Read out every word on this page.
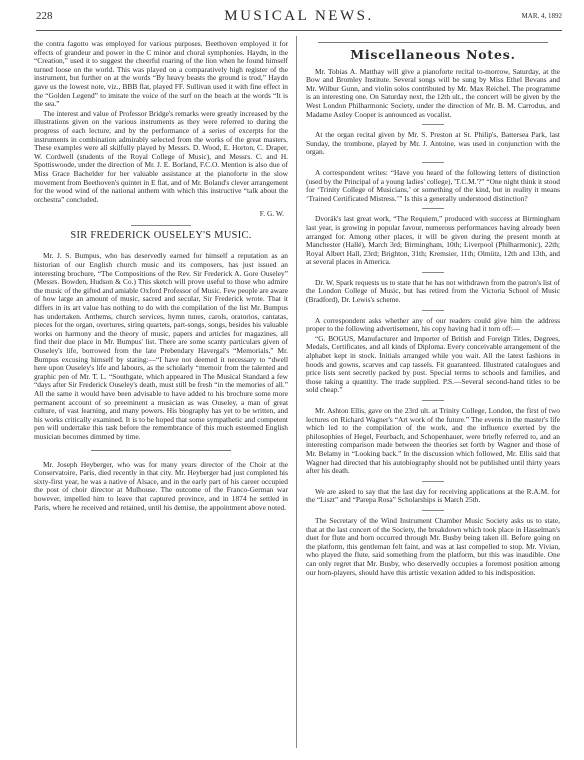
228	MUSICAL NEWS.	MAR. 4, 1892

the contra fagotto was employed for various purposes. Beethoven employed it for effects of grandeur and power in the C minor and choral symphonies. Haydn, in the “Creation,” used it to suggest the cheerful roaring of the lion when he found himself turned loose on the world. This was played on a comparatively high register of the instrument, but further on at the words “By heavy beasts the ground is trod,” Haydn gave us the lowest note, viz., BBB flat, played FF. Sullivan used it with fine effect in the “Golden Legend” to imitate the voice of the surf on the beach at the words “It is the sea.”

The interest and value of Professor Bridge's remarks were greatly increased by the illustrations given on the various instruments as they were referred to during the progress of each lecture, and by the performance of a series of excerpts for the instruments in combination admirably selected from the works of the great masters. These examples were all skilfully played by Messrs. D. Wood, E. Horton, C. Draper, W. Cordwell (students of the Royal College of Music), and Messrs. C. and H. Spottiswoode, under the direction of Mr. J. E. Borland, F.C.O. Mention is also due of Miss Grace Bachelder for her valuable assistance at the pianoforte in the slow movement from Beethoven's quintet in E flat, and of Mr. Boland's clever arrangement for the wood wind of the national anthem with which this instructive “talk about the orchestra” concluded.

F. G. W.
SIR FREDERICK OUSELEY'S MUSIC.

Mr. J. S. Bumpus, who has deservedly earned for himself a reputation as an historian of our English church music and its composers, has just issued an interesting brochure, “The Compositions of the Rev. Sir Frederick A. Gore Ouseley” (Messrs. Bowden, Hudson & Co.) This sketch will prove useful to those who admire the music of the gifted and amiable Oxford Professor of Music. Few people are aware of how large an amount of music, sacred and secular, Sir Frederick wrote. That it differs in its art value has nothing to do with the compilation of the list Mr. Bumpus has undertaken. Anthems, church services, hymn tunes, carols, oratorios, cantatas, pieces for the organ, overtures, string quartets, part-songs, songs, besides his valuable works on harmony and the theory of music, papers and articles for magazines, all find their due place in Mr. Bumpus' list. There are some scanty particulars given of Ouseley's life, borrowed from the late Prebendary Havergal's “Memorials,” Mr. Bumpus excusing himself by stating:—“I have not deemed it necessary to “dwell here upon Ouseley's life and labours, as the scholarly “memoir from the talented and graphic pen of Mr. T. L. “Southgate, which appeared in The Musical Standard a few “days after Sir Frederick Ouseley's death, must still be fresh “in the memories of all.” All the same it would have been advisable to have added to his brochure some more permanent account of so preeminent a musician as was Ouseley, a man of great culture, of vast learning, and many powers. His biography has yet to be written, and his works critically examined. It is to be hoped that some sympathetic and competent pen will undertake this task before the remembrance of this much esteemed English musician becomes dimmed by time.

Mr. Joseph Heyberger, who was for many years director of the Choir at the Conservatoire, Paris, died recently in that city. Mr. Heyberger had just completed his sixty-first year, he was a native of Alsace, and in the early part of his career occupied the post of choir director at Mulhouse. The outcome of the Franco-German war however, impelled him to leave that captured province, and in 1874 he settled in Paris, where he received and retained, until his demise, the appointment above noted.

Miscellaneous Notes.

Mr. Tobias A. Matthay will give a pianoforte recital to-morrow, Saturday, at the Bow and Bromley Institute. Several songs will be sung by Miss Ethel Bevans and Mr. Wilbur Gunn, and violin solos contributed by Mr. Max Reichel. The programme is an interesting one. On Saturday next, the 12th ult., the concert will be given by the West London Philharmonic Society, under the direction of Mr. B. M. Carrodus, and Madame Astley Cooper is announced as vocalist.

At the organ recital given by Mr. S. Preston at St. Philip's, Battersea Park, last Sunday, the trombone, played by Mr. J. Antoine, was used in conjunction with the organ.

A correspondent writes: “Have you heard of the following letters of distinction (used by the Principal of a young ladies' college), 'T.C.M.'?” “One night think it stood for ‘Trinity College of Musicians,’ or something of the kind, but in reality it means ‘Trained Certificated Mistress.’” Is this a generally understood distinction?

Dvorák's last great work, “The Requiem,” produced with success at Birmingham last year, is growing in popular favour, numerous performances having already been arranged for. Among other places, it will be given during the present month at Manchester (Hallé), March 3rd; Birmingham, 10th; Liverpool (Philharmonic), 22th; Royal Albert Hall, 23rd; Brighton, 31th; Kremsier, 11th; Olmütz, 12th and 13th, and at several places in America.

Dr. W. Spark requests us to state that he has not withdrawn from the patron's list of the London College of Music, but has retired from the Victoria School of Music (Bradford), Dr. Lewis's scheme.

A correspondent asks whether any of our readers could give him the address proper to the following advertisement, his copy having had it torn off:—

“G. BOGUS, Manufacturer and Importer of British and Foreign Titles, Degrees, Medals, Certificates, and all kinds of Diploma. Every conceivable arrangement of the alphabet kept in stock. Initials arranged while you wait. All the latest fashions in hoods and gowns, scarves and cap tassels. Fit guaranteed. Illustrated catalogues and price lists sent secretly packed by post. Special terms to schools and families, and those taking a quantity. The trade supplied. P.S.—Several second-hand titles to be sold cheap.”

Mr. Ashton Ellis, gave on the 23rd ult. at Trinity College, London, the first of two lectures on Richard Wagner's “Art work of the future.” The events in the master's life which led to the compilation of the work, and the influence exerted by the philosophies of Hegel, Feurbach, and Schopenhauer, were briefly referred to, and an interesting comparison made between the theories set forth by Wagner and those of Mr. Belamy in “Looking back.” In the discussion which followed, Mr. Ellis said that Wagner had directed that his autobiography should not be published until thirty years after his death.

We are asked to say that the last day for receiving applications at the R.A.M. for the “Liszt” and “Parepa Rosa” Scholarships is March 25th.

The Secretary of the Wind Instrument Chamber Music Society asks us to state, that at the last concert of the Society, the breakdown which took place in Hasselman's duet for flute and horn occurred through Mr. Busby being taken ill. Before going on the platform, this gentleman felt faint, and was at last compelled to stop. Mr. Vivian, who played the flute, said something from the platform, but this was inaudible. One can only regret that Mr. Busby, who deservedly occupies a foremost position among our horn-players, should have this artistic vexation added to his indisposition.
